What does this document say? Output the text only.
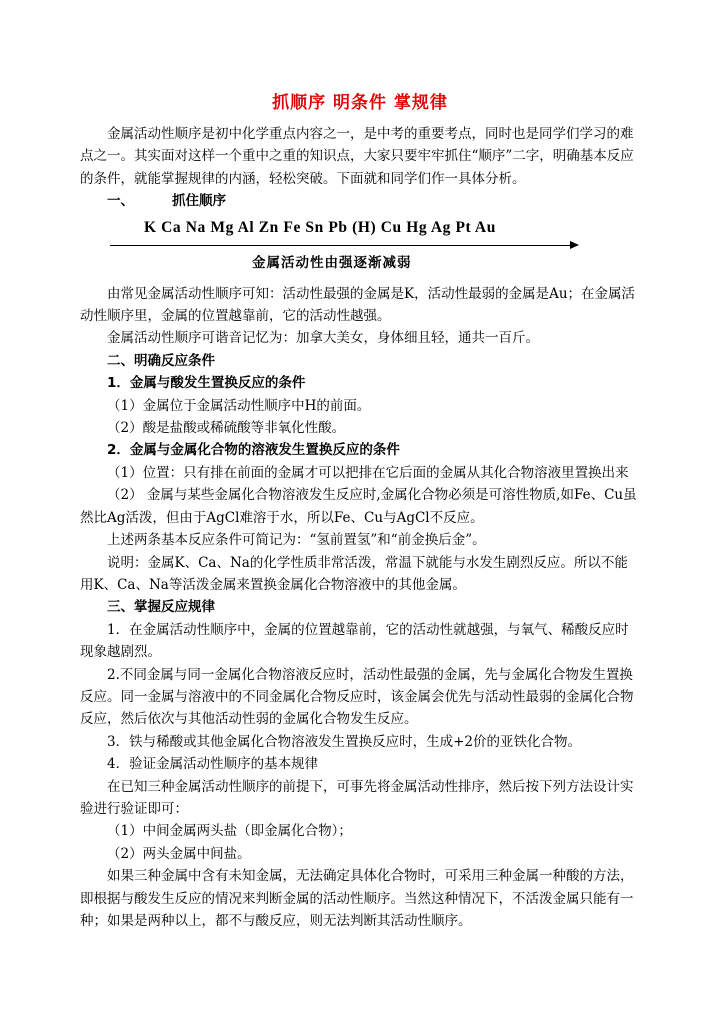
抓顺序 明条件 掌规律

金属活动性顺序是初中化学重点内容之一，是中考的重要考点，同时也是同学们学习的难点之一。其实面对这样一个重中之重的知识点，大家只要牢牢抓住“顺序”二字，明确基本反应的条件，就能掌握规律的内涵，轻松突破。下面就和同学们作一具体分析。

一、	抓住顺序

K Ca Na Mg Al Zn Fe Sn Pb (H) Cu Hg Ag Pt Au
金属活动性由强逐渐减弱

由常见金属活动性顺序可知：活动性最强的金属是K，活动性最弱的金属是Au；在金属活动性顺序里，金属的位置越靠前，它的活动性越强。

金属活动性顺序可谐音记忆为：加拿大美女，身体细且轻，通共一百斤。

二、明确反应条件

1．金属与酸发生置换反应的条件

（1）金属位于金属活动性顺序中H的前面。

（2）酸是盐酸或稀硫酸等非氧化性酸。

2．金属与金属化合物的溶液发生置换反应的条件

（1）位置：只有排在前面的金属才可以把排在它后面的金属从其化合物溶液里置换出来

（2） 金属与某些金属化合物溶液发生反应时,金属化合物必须是可溶性物质,如Fe、Cu虽然比Ag活泼，但由于AgCl难溶于水，所以Fe、Cu与AgCl不反应。

上述两条基本反应条件可简记为：“氢前置氢”和“前金换后金”。

说明：金属K、Ca、Na的化学性质非常活泼，常温下就能与水发生剧烈反应。所以不能用K、Ca、Na等活泼金属来置换金属化合物溶液中的其他金属。

三、掌握反应规律

1．在金属活动性顺序中，金属的位置越靠前，它的活动性就越强，与氧气、稀酸反应时现象越剧烈。

2.不同金属与同一金属化合物溶液反应时，活动性最强的金属，先与金属化合物发生置换反应。同一金属与溶液中的不同金属化合物反应时，该金属会优先与活动性最弱的金属化合物反应，然后依次与其他活动性弱的金属化合物发生反应。

3．铁与稀酸或其他金属化合物溶液发生置换反应时，生成+2价的亚铁化合物。

4．验证金属活动性顺序的基本规律

在已知三种金属活动性顺序的前提下，可事先将金属活动性排序，然后按下列方法设计实验进行验证即可：

（1）中间金属两头盐（即金属化合物）；

（2）两头金属中间盐。

如果三种金属中含有未知金属，无法确定具体化合物时，可采用三种金属一种酸的方法，即根据与酸发生反应的情况来判断金属的活动性顺序。当然这种情况下，不活泼金属只能有一种；如果是两种以上，都不与酸反应，则无法判断其活动性顺序。
